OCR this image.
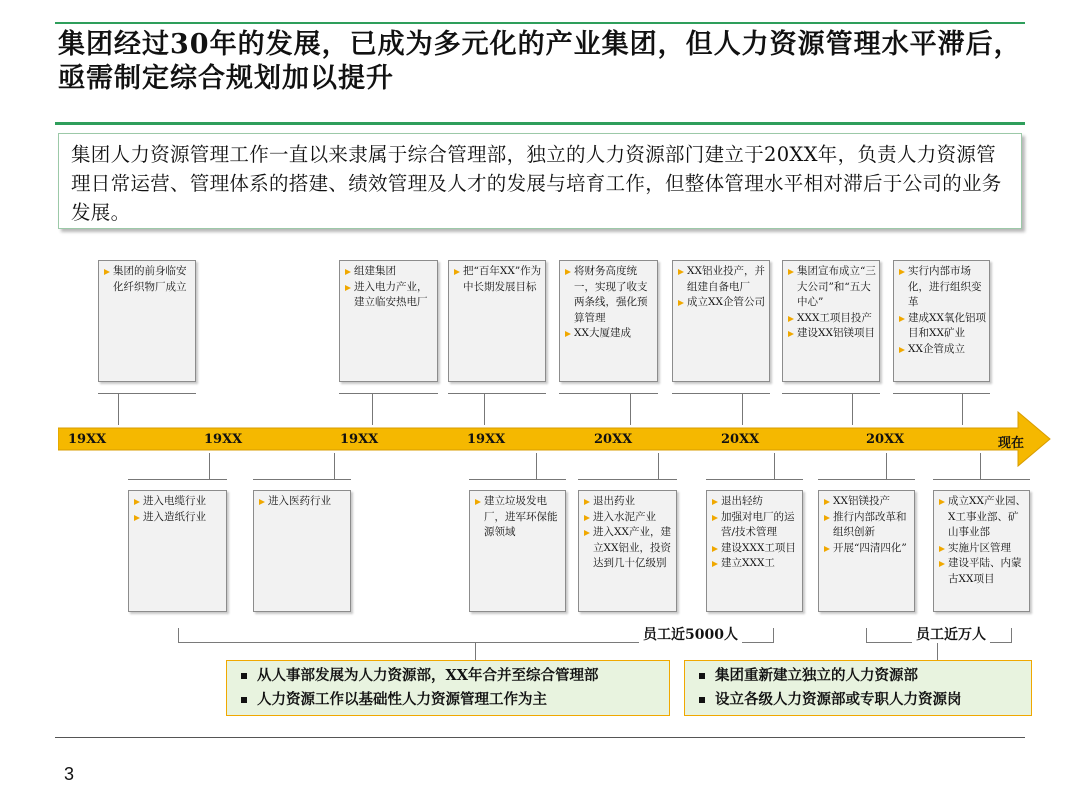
集团经过30年的发展，已成为多元化的产业集团，但人力资源管理水平滞后，亟需制定综合规划加以提升
集团人力资源管理工作一直以来隶属于综合管理部，独立的人力资源部门建立于20XX年，负责人力资源管理日常运营、管理体系的搭建、绩效管理及人才的发展与培育工作，但整体管理水平相对滞后于公司的业务发展。
集团的前身临安化纤织物厂成立
组建集团
进入电力产业，建立临安热电厂
把“百年XX”作为中长期发展目标
将财务高度统一，实现了收支两条线，强化预算管理
XX大厦建成
XX铝业投产，并组建自备电厂
成立XX企管公司
集团宣布成立“三大公司”和“五大中心”
XXX工项目投产
建设XX铝镁项目
实行内部市场化，进行组织变革
建成XX氧化铝项目和XX矿业
XX企管成立
19XX	19XX	19XX	19XX	20XX	20XX	20XX	现在
进入电缆行业
进入造纸行业
进入医药行业	建立垃圾发电厂，进军环保能源领域
退出药业
进入水泥产业
进入XX产业，建立XX铝业，投资达到几十亿级别
退出轻纺
加强对电厂的运营/技术管理
建设XXX工项目
建立XXX工
XX铝镁投产
推行内部改革和组织创新
开展“四清四化”
成立XX产业园、X工事业部、矿山事业部
实施片区管理
建设平陆、内蒙古XX项目
员工近5000人	员工近万人
从人事部发展为人力资源部，XX年合并至综合管理部
人力资源工作以基础性人力资源管理工作为主
集团重新建立独立的人力资源部
设立各级人力资源部或专职人力资源岗
3
